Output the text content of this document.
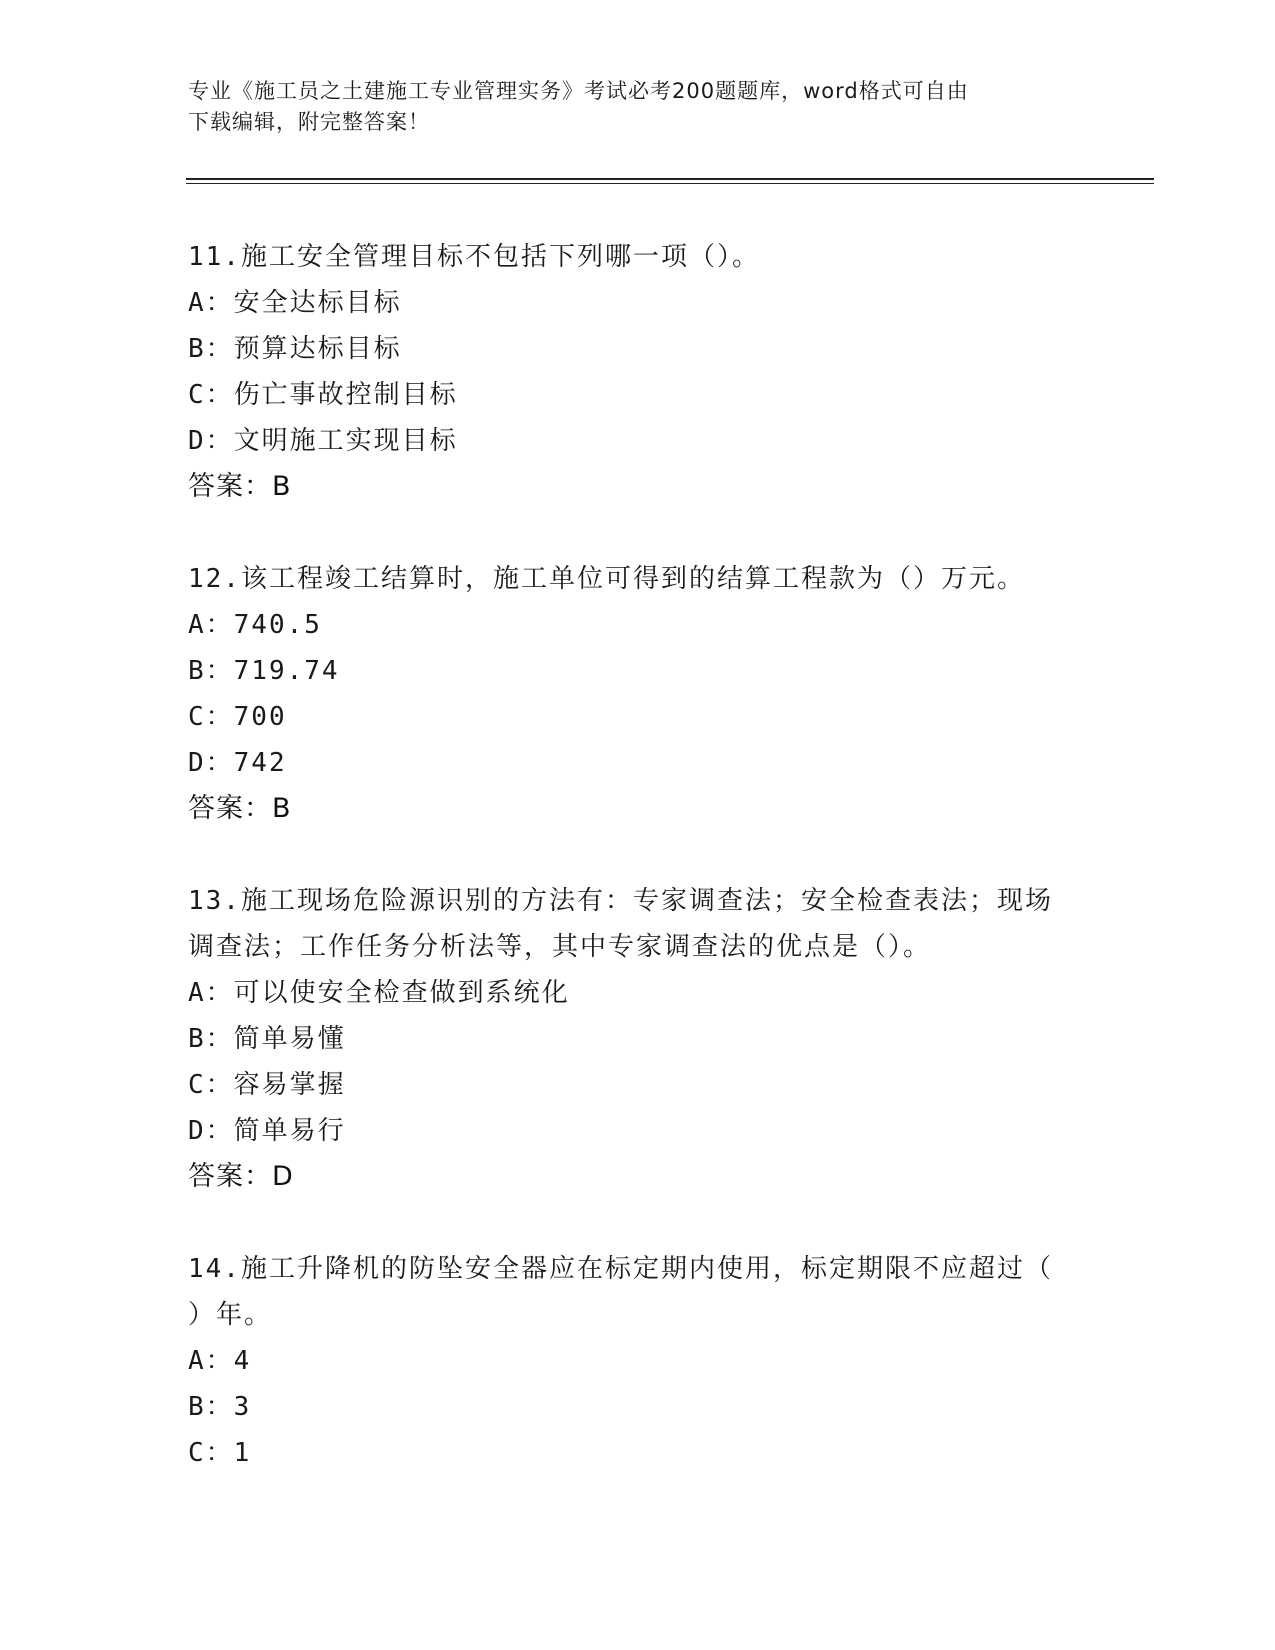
专业《施工员之土建施工专业管理实务》考试必考200题题库，word格式可自由
下载编辑，附完整答案！
11.施工安全管理目标不包括下列哪一项（）。
A：安全达标目标
B：预算达标目标
C：伤亡事故控制目标
D：文明施工实现目标
答案：B
12.该工程竣工结算时，施工单位可得到的结算工程款为（）万元。
A：740.5
B：719.74
C：700
D：742
答案：B
13.施工现场危险源识别的方法有：专家调查法；安全检查表法；现场
调查法；工作任务分析法等，其中专家调查法的优点是（）。
A：可以使安全检查做到系统化
B：简单易懂
C：容易掌握
D：简单易行
答案：D
14.施工升降机的防坠安全器应在标定期内使用，标定期限不应超过（
）年。
A：4
B：3
C：1
